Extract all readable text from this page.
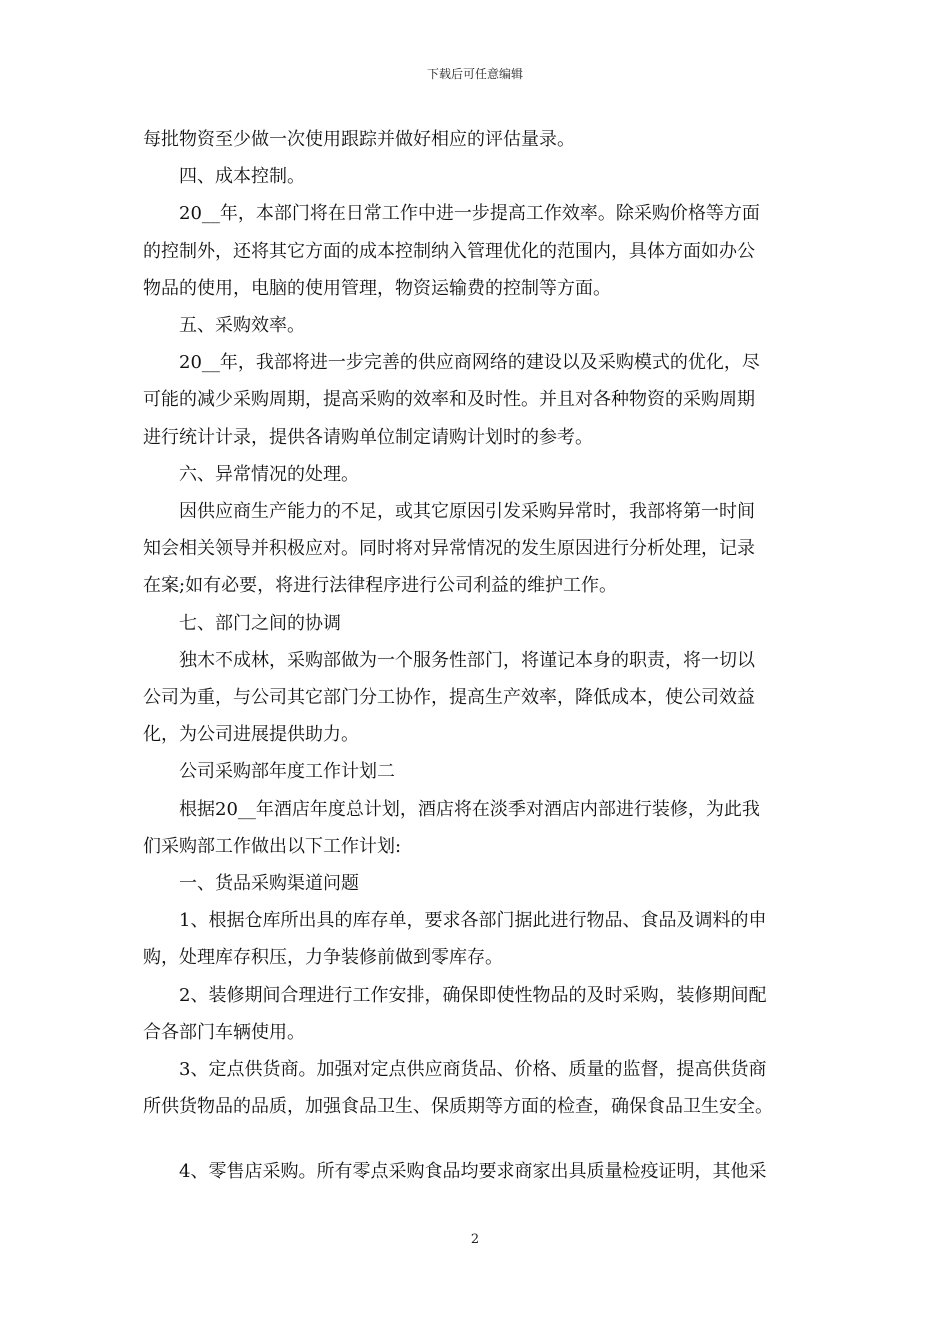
下载后可任意编辑

每批物资至少做一次使用跟踪并做好相应的评估量录。

　　四、成本控制。

　　20__年，本部门将在日常工作中进一步提高工作效率。除采购价格等方面

的控制外，还将其它方面的成本控制纳入管理优化的范围内，具体方面如办公

物品的使用，电脑的使用管理，物资运输费的控制等方面。

　　五、采购效率。

　　20__年，我部将进一步完善的供应商网络的建设以及采购模式的优化，尽

可能的减少采购周期，提高采购的效率和及时性。并且对各种物资的采购周期

进行统计计录，提供各请购单位制定请购计划时的参考。

　　六、异常情况的处理。

　　因供应商生产能力的不足，或其它原因引发采购异常时，我部将第一时间

知会相关领导并积极应对。同时将对异常情况的发生原因进行分析处理，记录

在案;如有必要，将进行法律程序进行公司利益的维护工作。

　　七、部门之间的协调

　　独木不成林，采购部做为一个服务性部门，将谨记本身的职责，将一切以

公司为重，与公司其它部门分工协作，提高生产效率，降低成本，使公司效益

化，为公司进展提供助力。

　　公司采购部年度工作计划二

　　根据20__年酒店年度总计划，酒店将在淡季对酒店内部进行装修，为此我

们采购部工作做出以下工作计划:

　　一、货品采购渠道问题

　　1、根据仓库所出具的库存单，要求各部门据此进行物品、食品及调料的申

购，处理库存积压，力争装修前做到零库存。

　　2、装修期间合理进行工作安排，确保即使性物品的及时采购，装修期间配

合各部门车辆使用。

　　3、定点供货商。加强对定点供应商货品、价格、质量的监督，提高供货商

所供货物品的品质，加强食品卫生、保质期等方面的检查，确保食品卫生安全。

　　4、零售店采购。所有零点采购食品均要求商家出具质量检疫证明，其他采

2
